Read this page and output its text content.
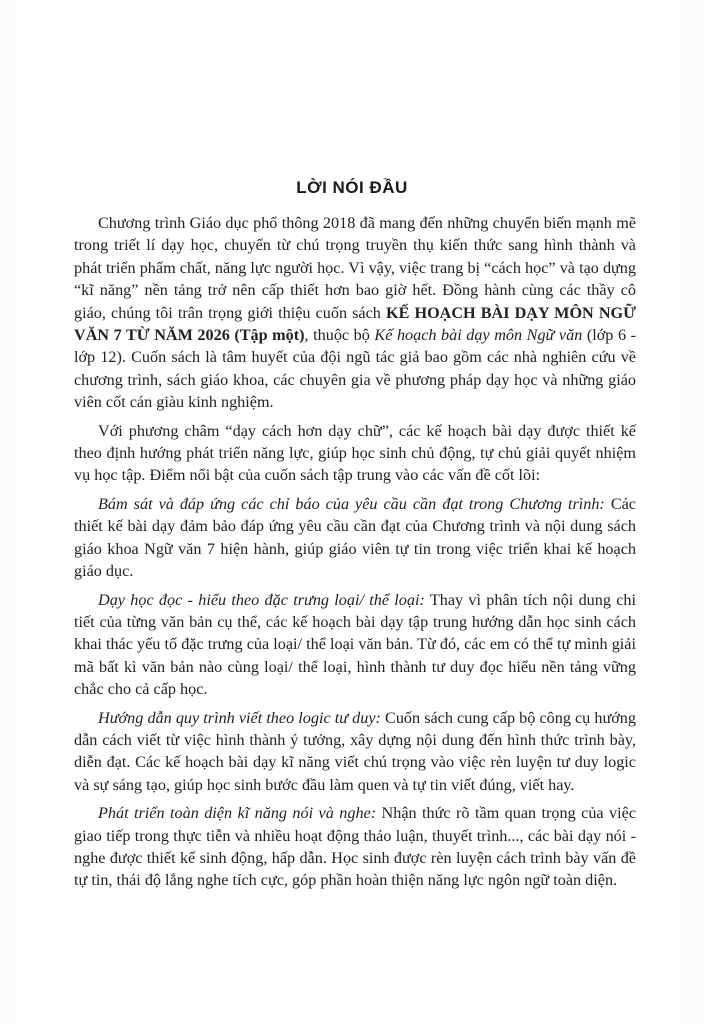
LỜI NÓI ĐẦU

Chương trình Giáo dục phổ thông 2018 đã mang đến những chuyển biến mạnh mẽ trong triết lí dạy học, chuyển từ chú trọng truyền thụ kiến thức sang hình thành và phát triển phẩm chất, năng lực người học. Vì vậy, việc trang bị “cách học” và tạo dựng “kĩ năng” nền tảng trở nên cấp thiết hơn bao giờ hết. Đồng hành cùng các thầy cô giáo, chúng tôi trân trọng giới thiệu cuốn sách KẾ HOẠCH BÀI DẠY MÔN NGỮ VĂN 7 TỪ NĂM 2026 (Tập một), thuộc bộ Kế hoạch bài dạy môn Ngữ văn (lớp 6 - lớp 12). Cuốn sách là tâm huyết của đội ngũ tác giả bao gồm các nhà nghiên cứu về chương trình, sách giáo khoa, các chuyên gia về phương pháp dạy học và những giáo viên cốt cán giàu kinh nghiệm.

Với phương châm “dạy cách hơn dạy chữ”, các kế hoạch bài dạy được thiết kế theo định hướng phát triển năng lực, giúp học sinh chủ động, tự chủ giải quyết nhiệm vụ học tập. Điểm nổi bật của cuốn sách tập trung vào các vấn đề cốt lõi:

Bám sát và đáp ứng các chỉ báo của yêu cầu cần đạt trong Chương trình: Các thiết kế bài dạy đảm bảo đáp ứng yêu cầu cần đạt của Chương trình và nội dung sách giáo khoa Ngữ văn 7 hiện hành, giúp giáo viên tự tin trong việc triển khai kế hoạch giáo dục.

Dạy học đọc - hiểu theo đặc trưng loại/ thể loại: Thay vì phân tích nội dung chi tiết của từng văn bản cụ thể, các kế hoạch bài dạy tập trung hướng dẫn học sinh cách khai thác yếu tố đặc trưng của loại/ thể loại văn bản. Từ đó, các em có thể tự mình giải mã bất kì văn bản nào cùng loại/ thể loại, hình thành tư duy đọc hiểu nền tảng vững chắc cho cả cấp học.

Hướng dẫn quy trình viết theo logic tư duy: Cuốn sách cung cấp bộ công cụ hướng dẫn cách viết từ việc hình thành ý tưởng, xây dựng nội dung đến hình thức trình bày, diễn đạt. Các kế hoạch bài dạy kĩ năng viết chú trọng vào việc rèn luyện tư duy logic và sự sáng tạo, giúp học sinh bước đầu làm quen và tự tin viết đúng, viết hay.

Phát triển toàn diện kĩ năng nói và nghe: Nhận thức rõ tầm quan trọng của việc giao tiếp trong thực tiễn và nhiều hoạt động thảo luận, thuyết trình..., các bài dạy nói - nghe được thiết kế sinh động, hấp dẫn. Học sinh được rèn luyện cách trình bày vấn đề tự tin, thái độ lắng nghe tích cực, góp phần hoàn thiện năng lực ngôn ngữ toàn diện.
